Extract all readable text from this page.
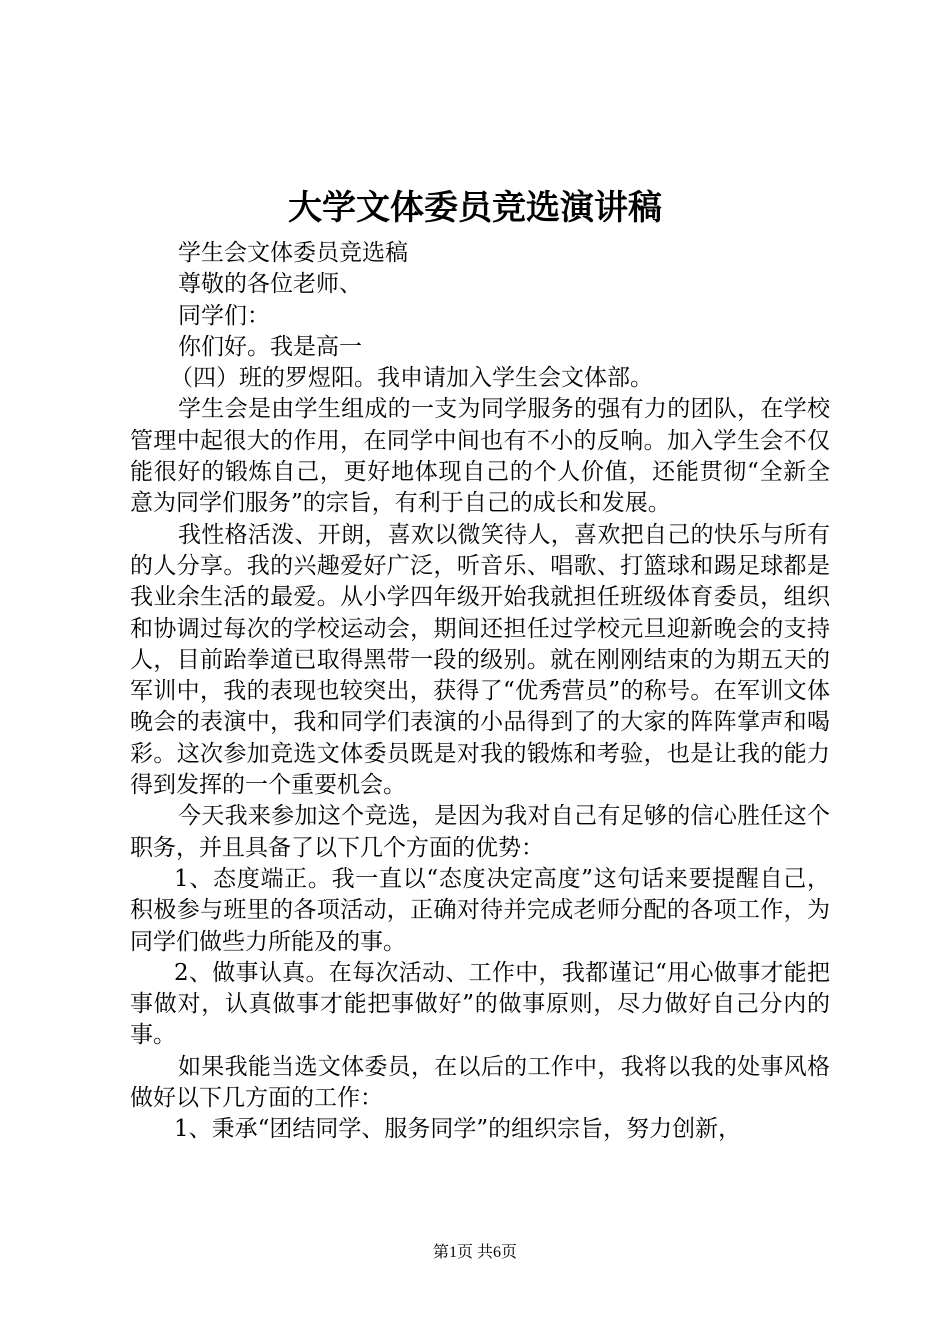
大学文体委员竞选演讲稿

学生会文体委员竞选稿

尊敬的各位老师、

同学们：

你们好。我是高一

（四）班的罗煜阳。我申请加入学生会文体部。

学生会是由学生组成的一支为同学服务的强有力的团队，在学校管理中起很大的作用，在同学中间也有不小的反响。加入学生会不仅能很好的锻炼自己，更好地体现自己的个人价值，还能贯彻“全新全意为同学们服务”的宗旨，有利于自己的成长和发展。

我性格活泼、开朗，喜欢以微笑待人，喜欢把自己的快乐与所有的人分享。我的兴趣爱好广泛，听音乐、唱歌、打篮球和踢足球都是我业余生活的最爱。从小学四年级开始我就担任班级体育委员，组织和协调过每次的学校运动会，期间还担任过学校元旦迎新晚会的支持人，目前跆拳道已取得黑带一段的级别。就在刚刚结束的为期五天的军训中，我的表现也较突出，获得了“优秀营员”的称号。在军训文体晚会的表演中，我和同学们表演的小品得到了的大家的阵阵掌声和喝彩。这次参加竞选文体委员既是对我的锻炼和考验，也是让我的能力得到发挥的一个重要机会。

今天我来参加这个竞选，是因为我对自己有足够的信心胜任这个职务，并且具备了以下几个方面的优势：

1、态度端正。我一直以“态度决定高度”这句话来要提醒自己，积极参与班里的各项活动，正确对待并完成老师分配的各项工作，为同学们做些力所能及的事。

2、做事认真。在每次活动、工作中，我都谨记“用心做事才能把事做对，认真做事才能把事做好”的做事原则，尽力做好自己分内的事。

如果我能当选文体委员，在以后的工作中，我将以我的处事风格做好以下几方面的工作：

1、秉承“团结同学、服务同学”的组织宗旨，努力创新，

第1页 共6页
